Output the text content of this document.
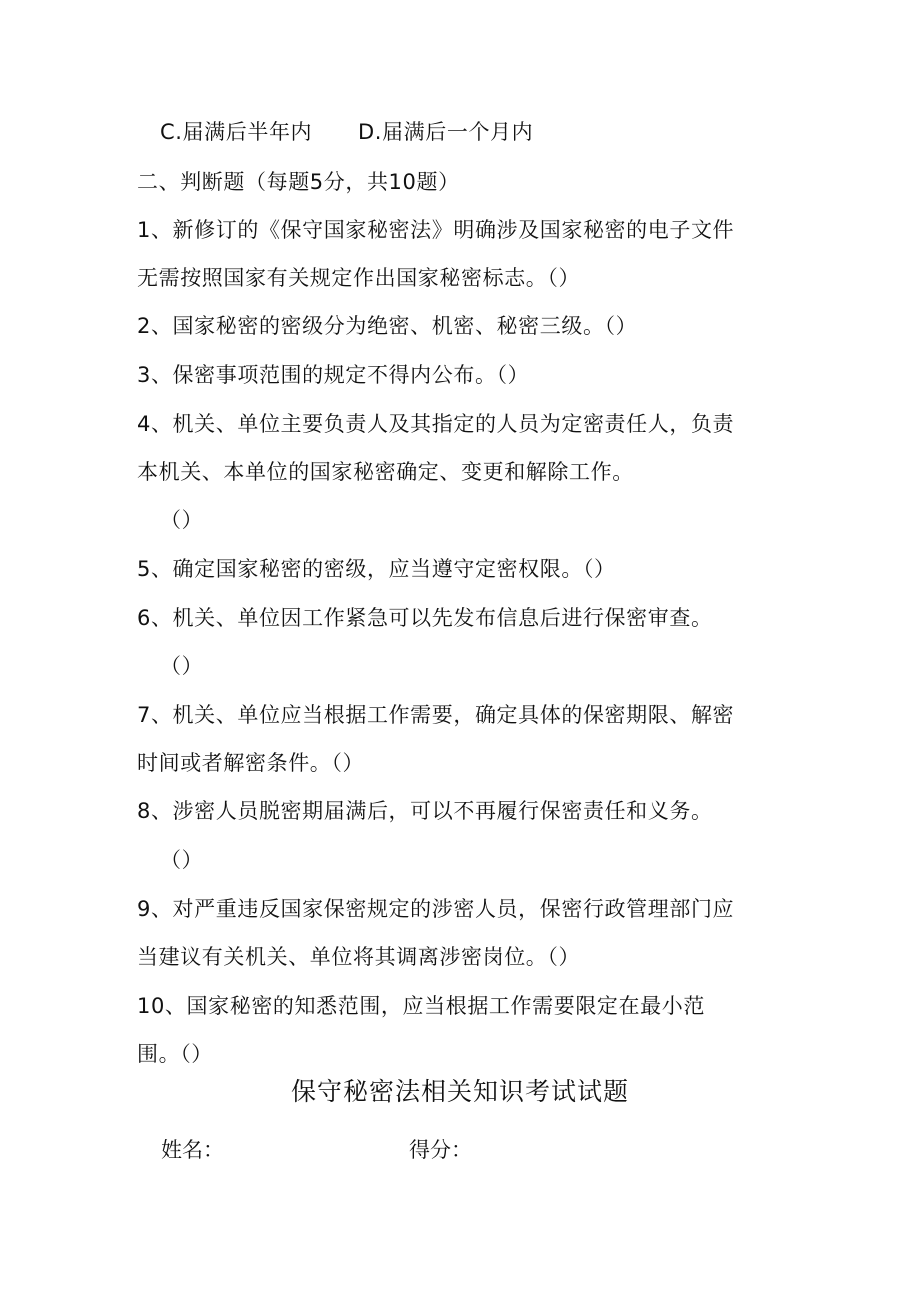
C.届满后半年内 D.届满后一个月内
二、判断题（每题5分，共10题）
1、新修订的《保守国家秘密法》明确涉及国家秘密的电子文件
无需按照国家有关规定作出国家秘密标志。（）
2、国家秘密的密级分为绝密、机密、秘密三级。（）
3、保密事项范围的规定不得内公布。（）
4、机关、单位主要负责人及其指定的人员为定密责任人，负责
本机关、本单位的国家秘密确定、变更和解除工作。
（）
5、确定国家秘密的密级，应当遵守定密权限。（）
6、机关、单位因工作紧急可以先发布信息后进行保密审查。
（）
7、机关、单位应当根据工作需要，确定具体的保密期限、解密
时间或者解密条件。（）
8、涉密人员脱密期届满后，可以不再履行保密责任和义务。
（）
9、对严重违反国家保密规定的涉密人员，保密行政管理部门应
当建议有关机关、单位将其调离涉密岗位。（）
10、国家秘密的知悉范围，应当根据工作需要限定在最小范
围。（）
保守秘密法相关知识考试试题
姓名：	得分：
